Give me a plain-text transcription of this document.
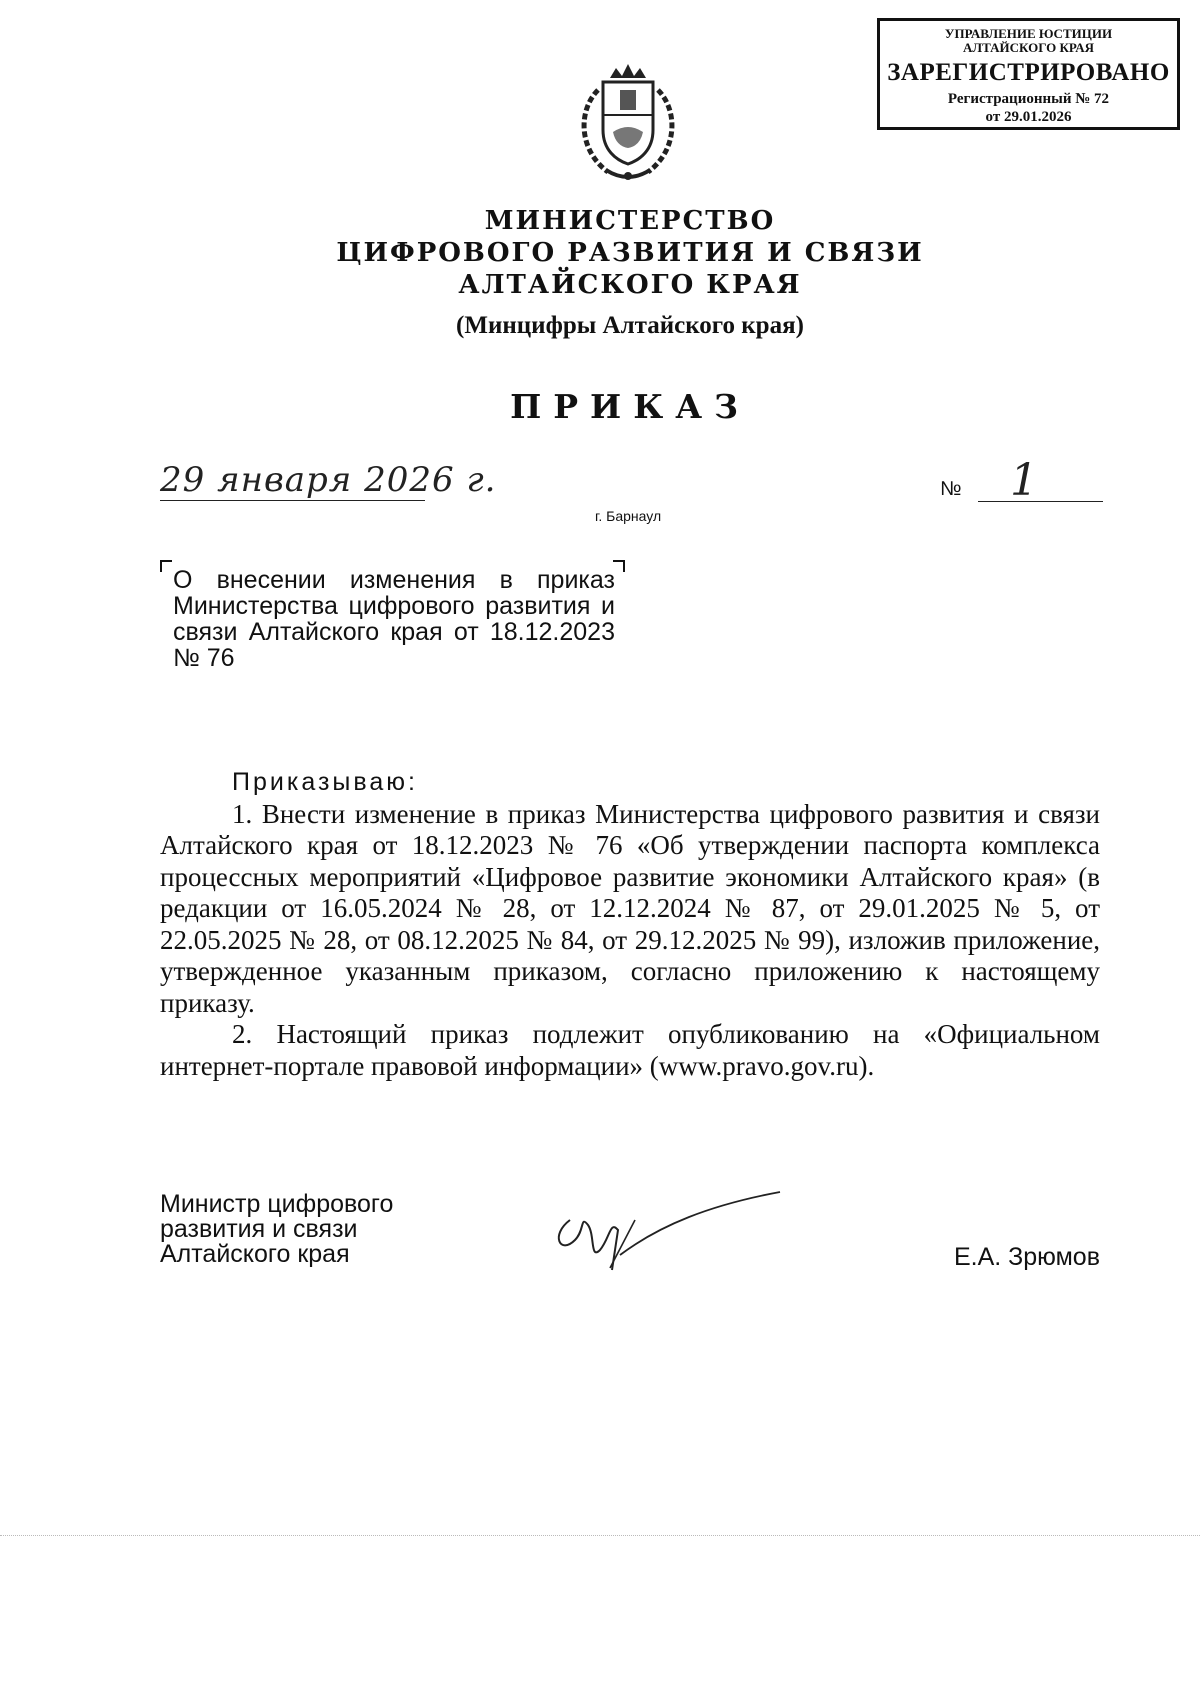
УПРАВЛЕНИЕ ЮСТИЦИИ
АЛТАЙСКОГО КРАЯ
ЗАРЕГИСТРИРОВАНО
Регистрационный № 72
от 29.01.2026
МИНИСТЕРСТВО
ЦИФРОВОГО РАЗВИТИЯ И СВЯЗИ
АЛТАЙСКОГО КРАЯ
(Минцифры Алтайского края)
ПРИКАЗ
29 января 2026 г.
г. Барнаул
№ 1
О внесении изменения в приказ Министерства цифрового развития и связи Алтайского края от 18.12.2023 № 76
Приказываю:

1. Внести изменение в приказ Министерства цифрового развития и связи Алтайского края от 18.12.2023 № 76 «Об утверждении паспорта комплекса процессных мероприятий «Цифровое развитие экономики Алтайского края» (в редакции от 16.05.2024 № 28, от 12.12.2024 № 87, от 29.01.2025 № 5, от 22.05.2025 № 28, от 08.12.2025 № 84, от 29.12.2025 № 99), изложив приложение, утвержденное указанным приказом, согласно приложению к настоящему приказу.

2. Настоящий приказ подлежит опубликованию на «Официальном интернет-портале правовой информации» (www.pravo.gov.ru).

Министр цифрового
развития и связи
Алтайского края	Е.А. Зрюмов
